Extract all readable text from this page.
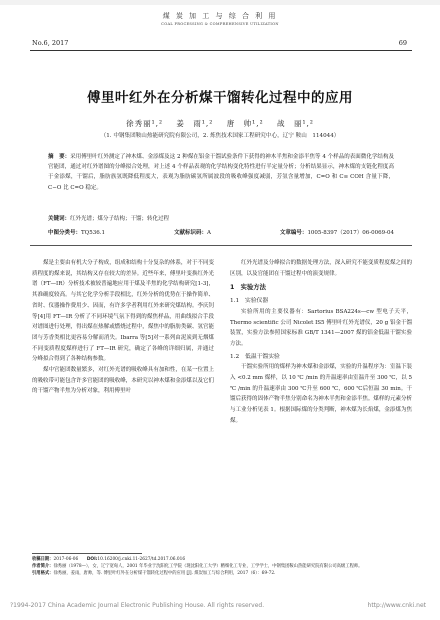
煤 炭 加 工 与 综 合 利 用
COAL PROCESSING & COMPREHENSIVE UTILIZATION
No.6, 2017	69
傅里叶红外在分析煤干馏转化过程中的应用
徐秀丽¹,² 姜　雨¹,² 唐　帅¹,² 战　丽¹,²
（1. 中钢集团鞍山热能研究院有限公司，2. 炼焦技术国家工程研究中心，辽宁 鞍山　114044）
摘　要：采用傅里叶红外测定了神木煤、金添煤及这 2 种煤在铝金干馏试验条件下获得的神木半焦和金添半焦等 4 个样品的表面微化学结构及官能团，通过对红外谱图的分峰拟合处理，对上述 4 个样品表观的化学结构变化特性进行半定量分析；分析结果显示，神木煤的支链化程度高于金添煤，干馏后，脂肪族氢既降低程度大，表观为脂肪碳氢所属波段的吸收峰强度减弱，芳氢含量增加，C=O 和 C≡ COH 含量下降，C−O 比 C=O 稳定。
关键词：红外光谱；煤分子结构；干馏；转化过程
中图分类号：TQ536.1	文献标识码：A	文章编号：1005-8397（2017）06-0069-04

煤是主要由有机大分子构成，组成和结构十分复杂的体系，对于不同变质程度的煤来说，其结构又存在较大的差异。近些年来，傅里叶变换红外光谱（FT—IR）分析技术被较普遍地应用于煤及半焦的化学结构研究[1-3]，其准确度较高。与其它化学分析手段相比，红外分析的优势在于操作简单、省时、仪器操作费用少、因而，有许多学者利用红外来研究煤结构。李庆钊等[4]用 FT—IR 分析了不同环境气氛下得到的煤焦样品，用曲线拟合手段对谱图进行处理，得出煤在热解或燃烧过程中，煤焦中的脂肪类碳、氢官能团与芳香类相比更容易分解而消失。Ibarra 等[5]对一系列由泥炭到无烟煤不同变质程度煤样进行了 FT—IR 研究，确定了各峰的详细归属，并通过分峰拟合得到了各种结构参数。

煤中官能团数量繁多，对红外光谱的吸收峰具有加和性，在某一位置上的吸收带可能包含许多官能团的吸收峰，本研究以神木煤和金添煤以及它们的干馏产物半焦为分析对象，利用傅里叶

红外光谱及分峰拟合的数据处理方法，深入研究不能变质程度煤之间的区别，以及官能团在干馏过程中的演变规律。

1　实验方法

1.1　实验仪器

实验所用的主要仪器有：Sartorius BSA224s—cw 型电子天平，Thermo scientific 公司 Nicolet IS5 傅里叶红外光谱仪，20 g 铝金干馏装置，实验方法参照国家标准 GB/T 1341—2007 煤的铝金低温干馏实验方法。

1.2　低温干馏实验

干馏实验所用的煤样为神木煤和金添煤，实验的升温程序为：室温下装入 <0.2 mm 煤样，以 10 ℃ /min 的升温速率由室温升至 300 ℃，以 5 ℃ /min 的升温速率由 300 ℃升至 600 ℃，600 ℃后恒温 30 min。干馏后获得的固体产物半焦分别命名为神木半焦和金添半焦。煤样的元素分析与工业分析见表 1。根据国际煤的分类判断，神木煤为长焰煤，金添煤为焦煤。

收稿日期：2017-06-06　　 DOI:10.16200/j.cnki.11-2627/td.2017.06.016
作者简介：徐秀丽（1978—），女，辽宁宽甸人，2001 年毕业于沈阳化工学院（现沈阳化工大学）精细化工专业，工学学士，中钢集团鞍山热能研究院有限公司高级工程师。
引用格式：徐秀丽，姜雨，唐帅，等. 傅里叶红外在分析煤干馏转化过程中的应用 [J]. 煤炭加工与综合利用，2017（6）：69-72.
?1994-2017 China Academic Journal Electronic Publishing House. All rights reserved.	http://www.cnki.net
